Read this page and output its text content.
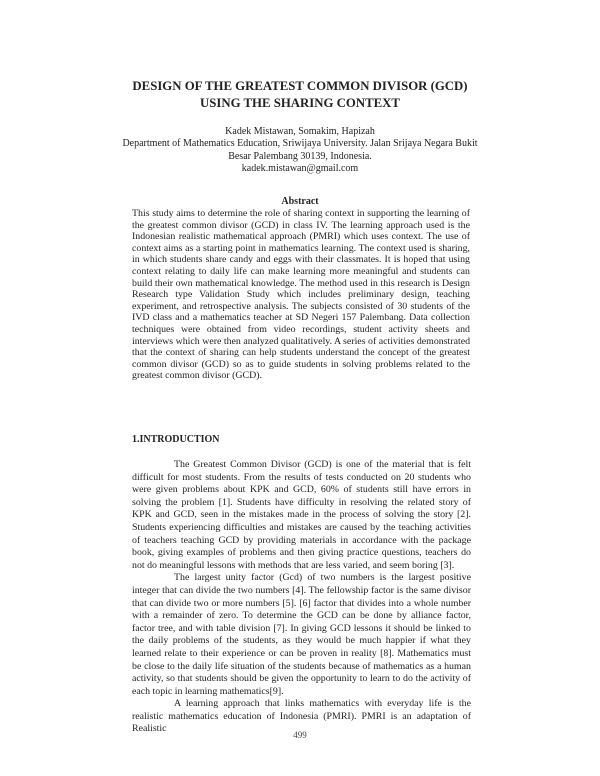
DESIGN OF THE GREATEST COMMON DIVISOR (GCD)
USING THE SHARING CONTEXT
Kadek Mistawan, Somakim, Hapizah
Department of Mathematics Education, Sriwijaya University. Jalan Srijaya Negara Bukit
Besar Palembang 30139, Indonesia.
kadek.mistawan@gmail.com
Abstract

This study aims to determine the role of sharing context in supporting the learning of the greatest common divisor (GCD) in class IV. The learning approach used is the Indonesian realistic mathematical approach (PMRI) which uses context. The use of context aims as a starting point in mathematics learning. The context used is sharing, in which students share candy and eggs with their classmates. It is hoped that using context relating to daily life can make learning more meaningful and students can build their own mathematical knowledge. The method used in this research is Design Research type Validation Study which includes preliminary design, teaching experiment, and retrospective analysis. The subjects consisted of 30 students of the IVD class and a mathematics teacher at SD Negeri 157 Palembang. Data collection techniques were obtained from video recordings, student activity sheets and interviews which were then analyzed qualitatively. A series of activities demonstrated that the context of sharing can help students understand the concept of the greatest common divisor (GCD) so as to guide students in solving problems related to the greatest common divisor (GCD).

1.INTRODUCTION

The Greatest Common Divisor (GCD) is one of the material that is felt difficult for most students. From the results of tests conducted on 20 students who were given problems about KPK and GCD, 60% of students still have errors in solving the problem [1]. Students have difficulty in resolving the related story of KPK and GCD, seen in the mistakes made in the process of solving the story [2]. Students experiencing difficulties and mistakes are caused by the teaching activities of teachers teaching GCD by providing materials in accordance with the package book, giving examples of problems and then giving practice questions, teachers do not do meaningful lessons with methods that are less varied, and seem boring [3].

The largest unity factor (Gcd) of two numbers is the largest positive integer that can divide the two numbers [4]. The fellowship factor is the same divisor that can divide two or more numbers [5]. [6] factor that divides into a whole number with a remainder of zero. To determine the GCD can be done by alliance factor, factor tree, and with table division [7]. In giving GCD lessons it should be linked to the daily problems of the students, as they would be much happier if what they learned relate to their experience or can be proven in reality [8]. Mathematics must be close to the daily life situation of the students because of mathematics as a human activity, so that students should be given the opportunity to learn to do the activity of each topic in learning mathematics[9].

A learning approach that links mathematics with everyday life is the realistic mathematics education of Indonesia (PMRI). PMRI is an adaptation of Realistic

499
